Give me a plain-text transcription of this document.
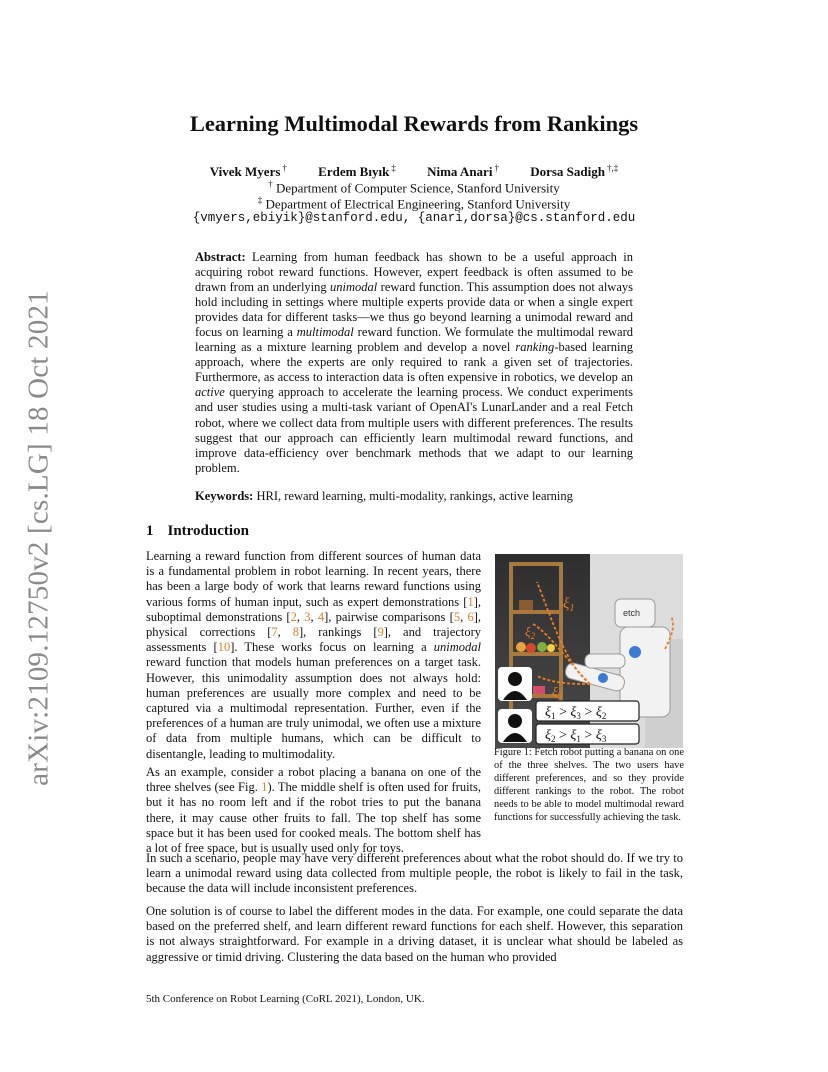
arXiv:2109.12750v2 [cs.LG] 18 Oct 2021
Learning Multimodal Rewards from Rankings
Vivek Myers † Erdem Bıyık ‡ Nima Anari † Dorsa Sadigh †,‡
† Department of Computer Science, Stanford University
‡ Department of Electrical Engineering, Stanford University
{vmyers,ebiyik}@stanford.edu, {anari,dorsa}@cs.stanford.edu
Abstract: Learning from human feedback has shown to be a useful approach in acquiring robot reward functions. However, expert feedback is often assumed to be drawn from an underlying unimodal reward function. This assumption does not always hold including in settings where multiple experts provide data or when a single expert provides data for different tasks—we thus go beyond learning a unimodal reward and focus on learning a multimodal reward function. We formulate the multimodal reward learning as a mixture learning problem and develop a novel ranking-based learning approach, where the experts are only required to rank a given set of trajectories. Furthermore, as access to interaction data is often expensive in robotics, we develop an active querying approach to accelerate the learning process. We conduct experiments and user studies using a multi-task variant of OpenAI's LunarLander and a real Fetch robot, where we collect data from multiple users with different preferences. The results suggest that our approach can efficiently learn multimodal reward functions, and improve data-efficiency over benchmark methods that we adapt to our learning problem.
Keywords: HRI, reward learning, multi-modality, rankings, active learning
1 Introduction
Learning a reward function from different sources of human data is a fundamental problem in robot learning. In recent years, there has been a large body of work that learns reward functions using various forms of human input, such as expert demonstrations [1], suboptimal demonstrations [2, 3, 4], pairwise comparisons [5, 6], physical corrections [7, 8], rankings [9], and trajectory assessments [10]. These works focus on learning a unimodal reward function that models human preferences on a target task. However, this unimodality assumption does not always hold: human preferences are usually more complex and need to be captured via a multimodal representation. Further, even if the preferences of a human are truly unimodal, we often use a mixture of data from multiple humans, which can be difficult to disentangle, leading to multimodality.
As an example, consider a robot placing a banana on one of the three shelves (see Fig. 1). The middle shelf is often used for fruits, but it has no room left and if the robot tries to put the banana there, it may cause other fruits to fall. The top shelf has some space but it has been used for cooked meals. The bottom shelf has a lot of free space, but is usually used only for toys.
In such a scenario, people may have very different preferences about what the robot should do. If we try to learn a unimodal reward using data collected from multiple people, the robot is likely to fail in the task, because the data will include inconsistent preferences.
One solution is of course to label the different modes in the data. For example, one could separate the data based on the preferred shelf, and learn different reward functions for each shelf. However, this separation is not always straightforward. For example in a driving dataset, it is unclear what should be labeled as aggressive or timid driving. Clustering the data based on the human who provided
etch
$\xi_1$
$\xi_2$
$\xi_3$
$\xi_1 > \xi_3 > \xi_2$
$\xi_2 > \xi_1 > \xi_3$
Figure 1: Fetch robot putting a banana on one of the three shelves. The two users have different preferences, and so they provide different rankings to the robot. The robot needs to be able to model multimodal reward functions for successfully achieving the task.
5th Conference on Robot Learning (CoRL 2021), London, UK.
